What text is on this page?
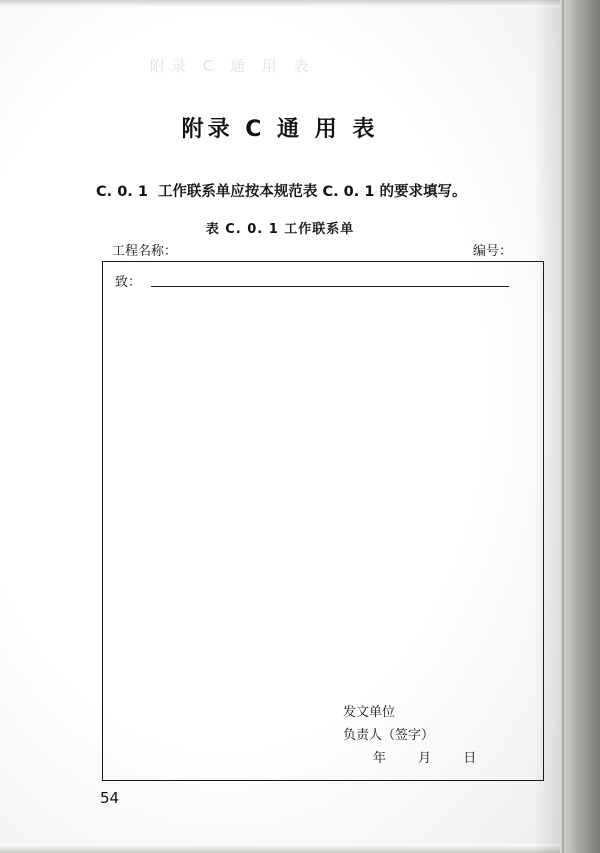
附录 C 通 用 表
附录 C 通 用 表
C. 0. 1 工作联系单应按本规范表 C. 0. 1 的要求填写。
表 C. 0. 1 工作联系单
工程名称：	编号：
致：
发文单位
负责人（签字）
年 月 日
54
